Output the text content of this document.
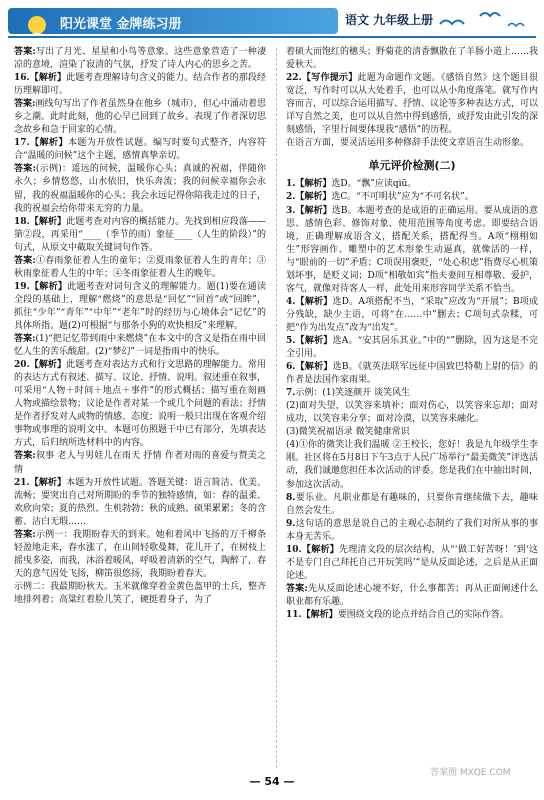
阳光课堂 金牌练习册	语文 九年级上册

答案:写出了月光、星星和小鸟等意象。这些意象营造了一种凄凉的意境，渲染了寂清的气氛，抒发了诗人内心的思乡之苦。

16.【解析】此题考查理解诗句含义的能力。结合作者的那段经历理解即可。

答案:画线句写出了作者虽然身在他乡（城市），但心中涌动着思乡之潮。此时此刻，他的心早已回到了故乡。表现了作者深切思念故乡和急于回家的心情。

17.【解析】本题为开放性试题。编写时要句式整齐，内容符合“温暖的问候”这个主题，感情真挚亲切。

答案:(示例)：遥远的问候，温暖你心头；真诚的祝福，伴随你永久；乡情悠悠，山水依旧，快乐奔流；我的问候幸福你会永留，我的祝福温暖你的心头；我会永远记得你陪我走过的日子，我的祝福会给你带来无穷的力量。

18.【解析】此题考查对内容的概括能力。先找到相应段落——第②段，再采用“____（季节的雨）象征____（人生的阶段）”的句式，从原文中截取关键词句作答。

答案:①春雨象征着人生的童年；②夏雨象征着人生的青年；③秋雨象征着人生的中年；④冬雨象征着人生的晚年。

19.【解析】此题考查对词句含义的理解能力。题(1)要在通读全段的基础上，理解“燃烧”的意思是“回忆”“回首”或“回眸”，抓住“少年”“青年”“中年”“老年”时的经历与心境体会“记忆”的具体所指。题(2)可根据“与那条小狗的欢快相反”来理解。

答案:(1)“把记忆带到雨中来燃烧”在本文中的含义是指在雨中回忆人生的苦乐酸甜。(2)“梦幻”一词是指雨中的快乐。

20.【解析】此题考查对表达方式和行文思路的理解能力。常用的表达方式有叙述、描写、议论、抒情、说明。叙述重在叙事，可采用“人物＋时间＋地点＋事件”的形式概括；描写重在刻画人物或描绘景物；议论是作者对某一个或几个问题的看法；抒情是作者抒发对人或物的情感、态度；说明一般只出现在客观介绍事物或事理的说明文中。本题可仿照题干中已有部分，先填表达方式，后归纳所选材料中的内容。

答案:叙事 老人与男娃儿在雨天 抒情 作者对雨的喜爱与赞美之情

21.【解析】本题为开放性试题。答题关键：语言简洁、优美、流畅；要突出自己对所期盼的季节的独特感情，如：春的温柔、欢欣向荣；夏的热烈、生机勃勃；秋的成熟、硕果累累；冬的含蓄、洁白无瑕……

答案:示例一：我期盼春天的到来。她和着风中飞扬的万千柳条轻盈地走来，春水涨了，在山间轻歌曼舞，花儿开了，在树枝上摇曳多姿，而我，沐浴着暖风，呼吸着清新的空气，陶醉了，春天的意气因处飞扬，柳笛很悠扬，我期盼着春天。

示例二：我最期盼秋天。玉米就像穿着金黄色盔甲的士兵，整齐地排列着；高粱红着脸儿笑了，硬挺着身子，为了

着硕大而饱红的穗头；野菊花的清香飘散在了羊肠小道上……我爱秋天。

22.【写作提示】此题为命题作文题。《感悟自然》这个题目很宽泛，写作时可以从大处着手，也可以从小角度落笔。就写作内容而言，可以综合运用描写、抒情、议论等多种表达方式，可以详写自然之美，也可以从自然中得到感悟，或抒发由此引发的深刻感悟，字里行间要体现我“感悟”的历程。

在语言方面，要灵活运用多种修辞手法使文章语言生动形象。

单元评价检测(二)

1.【解析】选D。“飘”应读qiū。

2.【解析】选C。“不可明状”应为“不可名状”。

3.【解析】选B。本题考查的是成语的正确运用。要从成语的意思、感情色彩、修饰对象、使用范围等角度考虑。即要结合语境，正确理解成语含义，搭配关系，搭配得当。A项“栩栩如生”形容画作、雕塑中的艺术形象生动逼真，就像活的一样，与“眼前的一切”矛盾；C项误用褒贬，“处心积虑”指费尽心机策划坏事，是贬义词；D项“相敬如宾”指夫妻间互相尊敬、爱护，客气，就像对待客人一样，此处用来形容同学关系不恰当。

4.【解析】选D。A项搭配不当，“采取”应改为“开展”；B项成分残缺，缺少主语，可将“在……中”删去；C项句式杂糅，可把“作为出发点”改为“出发”。

5.【解析】选A。“安其居乐其业。”中的“”删除，因为这是不完全引用。

6.【解析】选B。《就英法联军远征中国致巴特勒上尉的信》的作者是法国作家雨果。

7.示例：(1)笑逐颜开 谈笑风生

(2)面对失望，以笑容来填补；面对伤心，以笑容来忘却；面对成功，以笑容来分享；面对冷漠，以笑容来融化。

(3)微笑祝福语录 微笑健康常识

(4)①你的微笑让我们温暖 ②王校长，您好！我是九年级学生李刚。社区将在5月8日下午3点于人民广场举行“最美微笑”评选活动，我们诚邀您担任本次活动的评委。您是我们在中抽出时间，参加这次活动。

8.要乐业。凡职业都是有趣味的，只要你肯继续做下去，趣味自然会发生。

9.这句话的意思是说自己的主观心态制约了我们对所从事的事本身无苦乐。

10.【解析】先理清文段的层次结构，从“‘做工好苦呀！’到‘这不是专门自己拜托自己开玩笑吗’”是从反面论述，之后是从正面论述。

答案:先从反面论述心境不好，什么事都苦；再从正面阐述什么职业都有乐趣。

11.【解析】要围绕文段的论点并结合自己的实际作答。

— 54 —
答案圈 MXQE.COM
